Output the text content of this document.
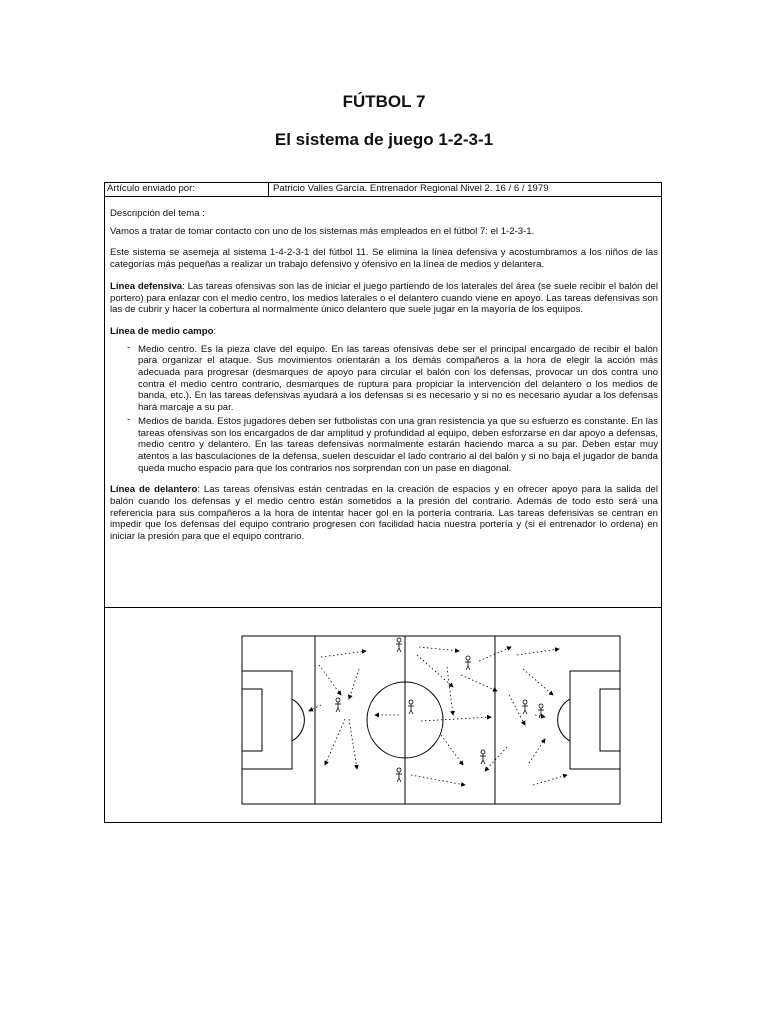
FÚTBOL 7
El sistema de juego 1-2-3-1
Artículo enviado por:	Patricio Valles García. Entrenador Regional Nivel 2. 16 / 6 / 1979

Descripción del tema :

Vamos a tratar de tomar contacto con uno de los sistemas más empleados en el fútbol 7: el 1-2-3-1.

Este sistema se asemeja al sistema 1-4-2-3-1 del fútbol 11. Se elimina la línea defensiva y acostumbramos a los niños de las categorías más pequeñas a realizar un trabajo defensivo y ofensivo en la línea de medios y delantera.

Línea defensiva: Las tareas ofensivas son las de iniciar el juego partiendo de los laterales del área (se suele recibir el balón del portero) para enlazar con el medio centro, los medios laterales o el delantero cuando viene en apoyo. Las tareas defensivas son las de cubrir y hacer la cobertura al normalmente único delantero que suele jugar en la mayoría de los equipos.

Línea de medio campo:

- Medio centro. Es la pieza clave del equipo. En las tareas ofensivas debe ser el principal encargado de recibir el balón para organizar el ataque. Sus movimientos orientarán a los demás compañeros a la hora de elegir la acción más adecuada para progresar (desmarques de apoyo para circular el balón con los defensas, provocar un dos contra uno contra el medio centro contrario, desmarques de ruptura para propiciar la intervención del delantero o los medios de banda, etc.). En las tareas defensivas ayudará a los defensas si es necesario y si no es necesario ayudar a los defensas hará marcaje a su par.
- Medios de banda. Estos jugadores deben ser futbolistas con una gran resistencia ya que su esfuerzo es constante. En las tareas ofensivas son los encargados de dar amplitud y profundidad al equipo, deben esforzarse en dar apoyo a defensas, medio centro y delantero. En las tareas defensivas normalmente estarán haciendo marca a su par. Deben estar muy atentos a las basculaciones de la defensa, suelen descuidar el lado contrario al del balón y si no baja el jugador de banda queda mucho espacio para que los contrarios nos sorprendan con un pase en diagonal.

Línea de delantero: Las tareas ofensivas están centradas en la creación de espacios y en ofrecer apoyo para la salida del balón cuando los defensas y el medio centro están sometidos a la presión del contrario. Además de todo esto será una referencia para sus compañeros a la hora de intentar hacer gol en la portería contraria. Las tareas defensivas se centran en impedir que los defensas del equipo contrario progresen con facilidad hacia nuestra portería y (si el entrenador lo ordena) en iniciar la presión para que el equipo contrario.
